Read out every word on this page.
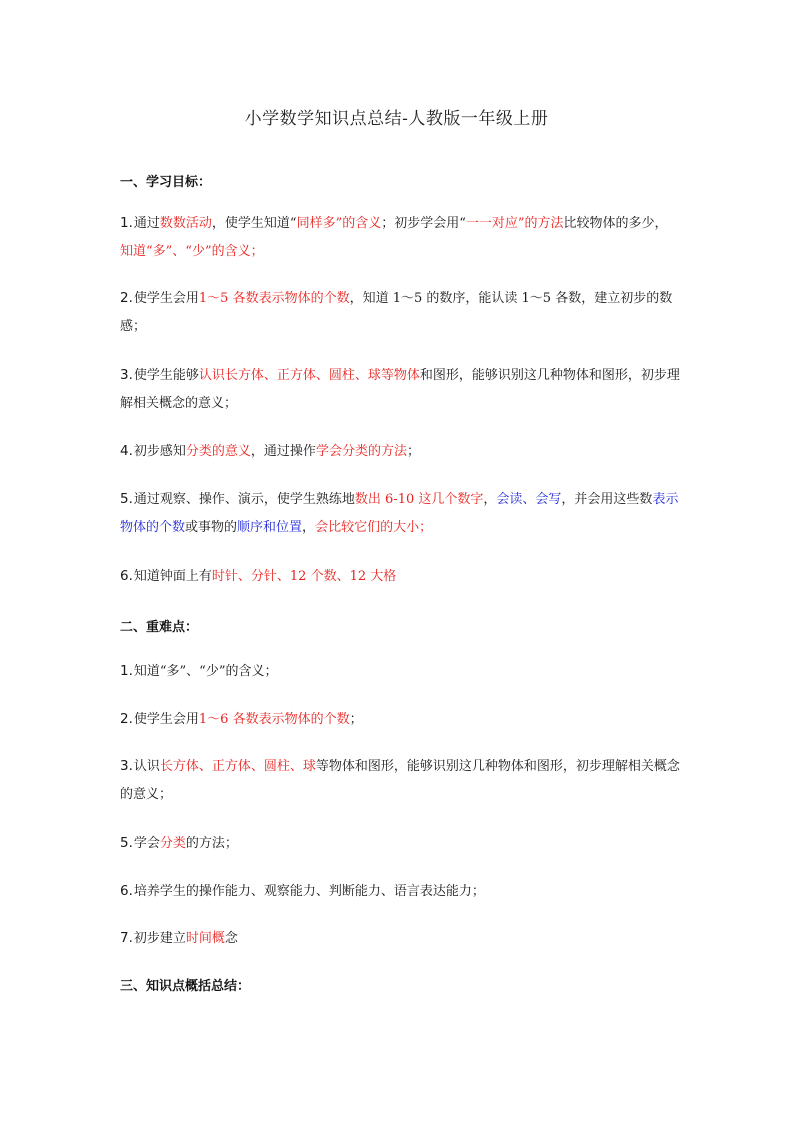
小学数学知识点总结-人教版一年级上册
一、学习目标：
1.通过数数活动，使学生知道“同样多”的含义；初步学会用“一一对应”的方法比较物体的多少，知道“多”、“少”的含义；
2.使学生会用1～5 各数表示物体的个数，知道 1～5 的数序，能认读 1～5 各数，建立初步的数感；
3.使学生能够认识长方体、正方体、圆柱、球等物体和图形，能够识别这几种物体和图形，初步理解相关概念的意义；
4.初步感知分类的意义，通过操作学会分类的方法；
5.通过观察、操作、演示，使学生熟练地数出 6-10 这几个数字，会读、会写，并会用这些数表示物体的个数或事物的顺序和位置，会比较它们的大小；
6.知道钟面上有时针、分针、12 个数、12 大格
二、重难点：
1.知道“多”、“少”的含义；
2.使学生会用1～6 各数表示物体的个数；
3.认识长方体、正方体、圆柱、球等物体和图形，能够识别这几种物体和图形，初步理解相关概念的意义；
5.学会分类的方法；
6.培养学生的操作能力、观察能力、判断能力、语言表达能力；
7.初步建立时间概念
三、知识点概括总结：
